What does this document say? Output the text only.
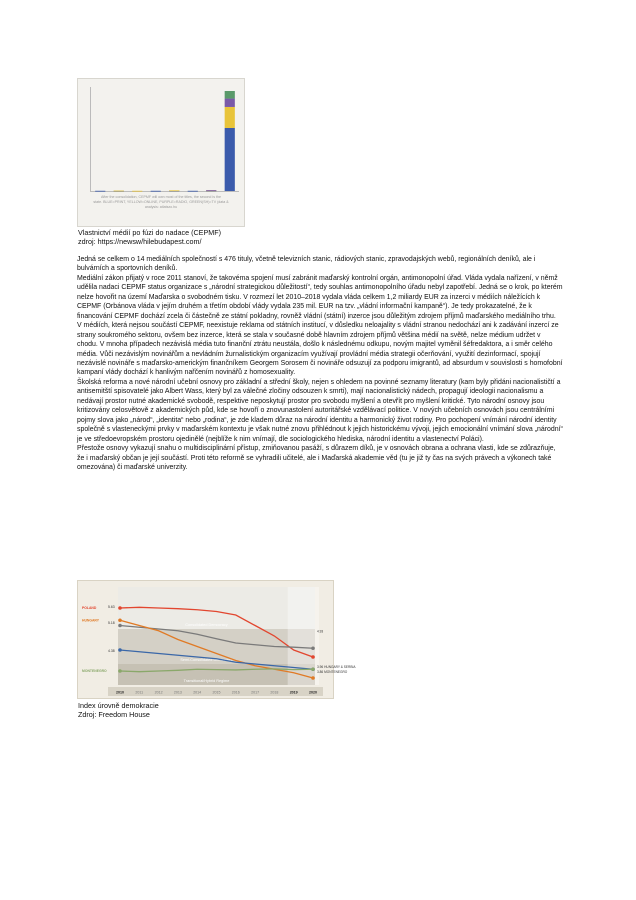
After the consolidation, CEPMF will own most of the titles, the second is the
state. BLUE=PRINT, YELLOW=ONLINE, PURPLE=RADIO, GREEN(SH)=TV (data &
analysis: atlatszo.hu
Vlastnictví médií po fúzi do nadace (CEPMF)
zdroj: https://newsw/hilebudapest.com/

Jedná se celkem o 14 mediálních společností s 476 tituly, včetně televizních stanic, rádiových stanic, zpravodajských webů, regionálních deníků, ale i bulvárních a sportovních deníků.

Mediální zákon přijatý v roce 2011 stanoví, že takovéma spojení musí zabránit maďarský kontrolní orgán, antimonopolní úřad. Vláda vydala nařízení, v němž udělila nadaci CEPMF status organizace s „národní strategickou důležitostí“, tedy souhlas antimonopolního úřadu nebyl zapotřebí. Jedná se o krok, po kterém nelze hovořit na území Maďarska o svobodném tisku. V rozmezí let 2010–2018 vydala vláda celkem 1,2 miliardy EUR za inzerci v médiích náležících k CEPMF (Orbánova vláda v jejím druhém a třetím období vlády vydala 235 mil. EUR na tzv. „vládní informační kampaně“). Je tedy prokazatelné, že k financování CEPMF dochází zcela či částečně ze státní pokladny, rovněž vládní (státní) inzerce jsou důležitým zdrojem příjmů maďarského mediálního trhu.

V médiích, která nejsou součástí CEPMF, neexistuje reklama od státních institucí, v důsledku neloajality s vládní stranou nedochází ani k zadávání inzercí ze strany soukromého sektoru, ovšem bez inzerce, která se stala v současné době hlavním zdrojem příjmů většina médií na světě, nelze médium udržet v chodu. V mnoha případech nezávislá média tuto finanční ztrátu neustála, došlo k následnému odkupu, novým majitel vyměnil šéfredaktora, a i směr celého média. Vůči nezávislým novinářům a nevládním žurnalistickým organizacím využívají provládní média strategii očerňování, využití dezinformací, spojují nezávislé novináře s maďarsko-americkým finančníkem Georgem Sorosem či novináře odsuzují za podporu imigrantů, ad absurdum v souvislosti s homofobní kampaní vlády dochází k hanlivým nařčením novinářů z homosexuality.

Školská reforma a nové národní učební osnovy pro základní a střední školy, nejen s ohledem na povinné seznamy literatury (kam byly přidáni nacionalističtí a antisemitští spisovatelé jako Albert Wass, který byl za válečné zločiny odsouzen k smrti), mají nacionalistický nádech, propagují ideologii nacionalismu a nedávají prostor nutné akademické svobodě, respektive neposkytují prostor pro svobodu myšlení a otevřít pro myšlení kritické. Tyto národní osnovy jsou kritizovány celosvětově z akademických půd, kde se hovoří o znovunastolení autoritářské vzdělávací politice. V nových učebních osnovách jsou centrálními pojmy slova jako „národ“, „identita“ nebo „rodina“, je zde kladem důraz na národní identitu a harmonický život rodiny. Pro pochopení vnímání národní identity společně s vlasteneckými prvky v maďarském kontextu je však nutné znovu přihlédnout k jejich historickému vývoji, jejich emocionální vnímání slova „národní“ je ve středoevropském prostoru ojedinělé (nejblíže k nim vnímají, dle sociologického hlediska, národní identitu a vlastenectví Poláci).

Přestože osnovy vykazují snahu o multidisciplinární přístup, zmiňovanou pasáží, s důrazem díků, je v osnovách obrana a ochrana vlasti, kde se zdůrazňuje, že i maďarský občan je její součástí. Proti této reformě se vyhradili učitelé, ale i Maďarská akademie věd (tu je již ty čas na svých právech a výkonech také omezována) či maďarské univerzity.

Consolidated Democracy
Semi-Consolidated Democracy
Transitional/Hybrid Regime
POLAND
HUNGARY
MONTENEGRO
5.63
5.18
4.38
4.93
3.96 HUNGARY & SERBIA
3.86 MONTENEGRO
2010	2011	2012	2013	2014	2015	2016	2017	2018	2019	2020
Index úrovně demokracie
Zdroj: Freedom House
